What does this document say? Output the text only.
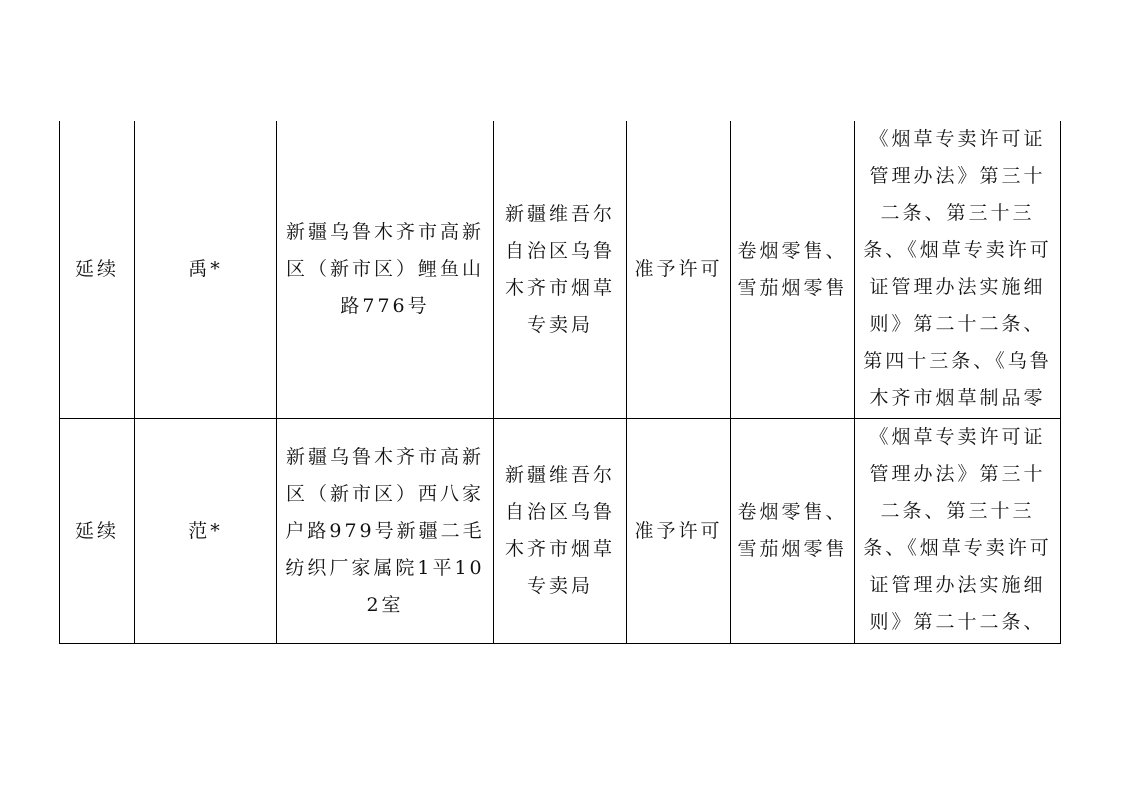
延续	禹*	新疆乌鲁木齐市高新区（新市区）鲤鱼山路776号	新疆维吾尔自治区乌鲁木齐市烟草专卖局	准予许可	卷烟零售、雪茄烟零售	《烟草专卖许可证管理办法》第三十二条、第三十三条、《烟草专卖许可证管理办法实施细则》第二十二条、第四十三条、《乌鲁木齐市烟草制品零

延续	范*	新疆乌鲁木齐市高新区（新市区）西八家户路979号新疆二毛纺织厂家属院1平102室	新疆维吾尔自治区乌鲁木齐市烟草专卖局	准予许可	卷烟零售、雪茄烟零售	《烟草专卖许可证管理办法》第三十二条、第三十三条、《烟草专卖许可证管理办法实施细则》第二十二条、
